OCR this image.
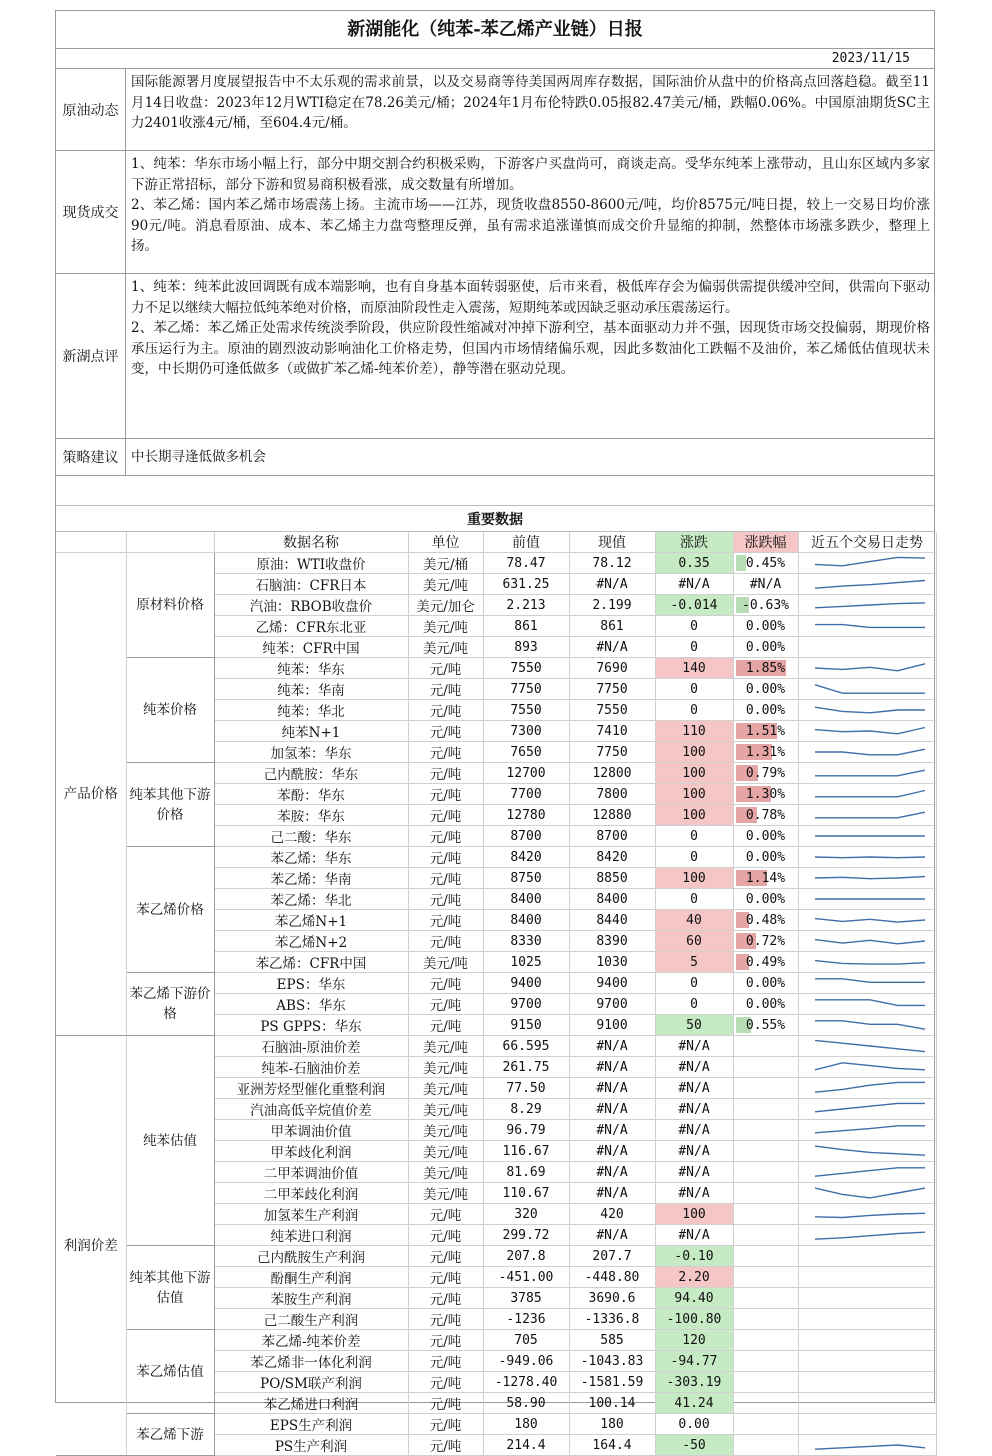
新湖能化（纯苯-苯乙烯产业链）日报
2023/11/15
原油动态
国际能源署月度展望报告中不太乐观的需求前景，以及交易商等待美国两周库存数据，国际油价从盘中的价格高点回落趋稳。截至11月14日收盘：2023年12月WTI稳定在78.26美元/桶；2024年1月布伦特跌0.05报82.47美元/桶，跌幅0.06%。中国原油期货SC主力2401收涨4元/桶，至604.4元/桶。
现货成交

1、纯苯：华东市场小幅上行，部分中期交割合约积极采购，下游客户买盘尚可，商谈走高。受华东纯苯上涨带动，且山东区域内多家下游正常招标，部分下游和贸易商积极看涨，成交数量有所增加。

2、苯乙烯：国内苯乙烯市场震荡上扬。主流市场——江苏，现货收盘8550-8600元/吨，均价8575元/吨日提，较上一交易日均价涨90元/吨。消息看原油、成本、苯乙烯主力盘弯整理反弹，虽有需求追涨谨慎而成交价升显缩的抑制，然整体市场涨多跌少，整理上扬。

新湖点评

1、纯苯：纯苯此波回调既有成本端影响，也有自身基本面转弱驱使，后市来看，极低库存会为偏弱供需提供缓冲空间，供需向下驱动力不足以继续大幅拉低纯苯绝对价格，而原油阶段性走入震荡，短期纯苯或因缺乏驱动承压震荡运行。

2、苯乙烯：苯乙烯正处需求传统淡季阶段，供应阶段性缩减对冲掉下游利空，基本面驱动力并不强，因现货市场交投偏弱，期现价格承压运行为主。原油的剧烈波动影响油化工价格走势，但国内市场情绪偏乐观，因此多数油化工跌幅不及油价，苯乙烯低估值现状未变，中长期仍可逢低做多（或做扩苯乙烯-纯苯价差），静等潜在驱动兑现。

策略建议 中长期寻逢低做多机会
重要数据
		数据名称	单位	前值	现值	涨跌	涨跌幅	近五个交易日走势
产品价格	原材料价格	原油：WTI收盘价	美元/桶	78.47	78.12	0.35	0.45%	

		石脑油：CFR日本	美元/吨	631.25	#N/A	#N/A	#N/A	

		汽油：RBOB收盘价	美元/加仑	2.213	2.199	-0.014	-0.63%	

		乙烯：CFR东北亚	美元/吨	861	861	0	0.00%	

		纯苯：CFR中国	美元/吨	893	#N/A	0	0.00%	
	纯苯价格	纯苯：华东	元/吨	7550	7690	140	1.85%	

		纯苯：华南	元/吨	7750	7750	0	0.00%	

		纯苯：华北	元/吨	7550	7550	0	0.00%	

		纯苯N+1	元/吨	7300	7410	110	1.51%	

		加氢苯：华东	元/吨	7650	7750	100	1.31%	

	纯苯其他下游价格	己内酰胺：华东	元/吨	12700	12800	100	0.79%	

		苯酚：华东	元/吨	7700	7800	100	1.30%	

		苯胺：华东	元/吨	12780	12880	100	0.78%	

		己二酸：华东	元/吨	8700	8700	0	0.00%	

	苯乙烯价格	苯乙烯：华东	元/吨	8420	8420	0	0.00%	

		苯乙烯：华南	元/吨	8750	8850	100	1.14%	

		苯乙烯：华北	元/吨	8400	8400	0	0.00%	

		苯乙烯N+1	元/吨	8400	8440	40	0.48%	

		苯乙烯N+2	元/吨	8330	8390	60	0.72%	

		苯乙烯：CFR中国	美元/吨	1025	1030	5	0.49%	

	苯乙烯下游价格	EPS：华东	元/吨	9400	9400	0	0.00%	

		ABS：华东	元/吨	9700	9700	0	0.00%	

		PS GPPS：华东	元/吨	9150	9100	50	0.55%	

利润价差	纯苯估值	石脑油-原油价差	美元/吨	66.595	#N/A	#N/A		

		纯苯-石脑油价差	美元/吨	261.75	#N/A	#N/A		

		亚洲芳烃型催化重整利润	美元/吨	77.50	#N/A	#N/A		

		汽油高低辛烷值价差	美元/吨	8.29	#N/A	#N/A		

		甲苯调油价值	美元/吨	96.79	#N/A	#N/A		

		甲苯歧化利润	美元/吨	116.67	#N/A	#N/A		

		二甲苯调油价值	美元/吨	81.69	#N/A	#N/A		

		二甲苯歧化利润	美元/吨	110.67	#N/A	#N/A		

		加氢苯生产利润	元/吨	320	420	100		

		纯苯进口利润	元/吨	299.72	#N/A	#N/A		

	纯苯其他下游估值	己内酰胺生产利润	元/吨	207.8	207.7	-0.10		
		酚酮生产利润	元/吨	-451.00	-448.80	2.20		
		苯胺生产利润	元/吨	3785	3690.6	94.40		
		己二酸生产利润	元/吨	-1236	-1336.8	-100.80		
	苯乙烯估值	苯乙烯-纯苯价差	元/吨	705	585	120		
		苯乙烯非一体化利润	元/吨	-949.06	-1043.83	-94.77		
		PO/SM联产利润	元/吨	-1278.40	-1581.59	-303.19		
		苯乙烯进口利润	元/吨	58.90	100.14	41.24		
	苯乙烯下游	EPS生产利润	元/吨	180	180	0.00		
		PS生产利润	元/吨	214.4	164.4	-50		
